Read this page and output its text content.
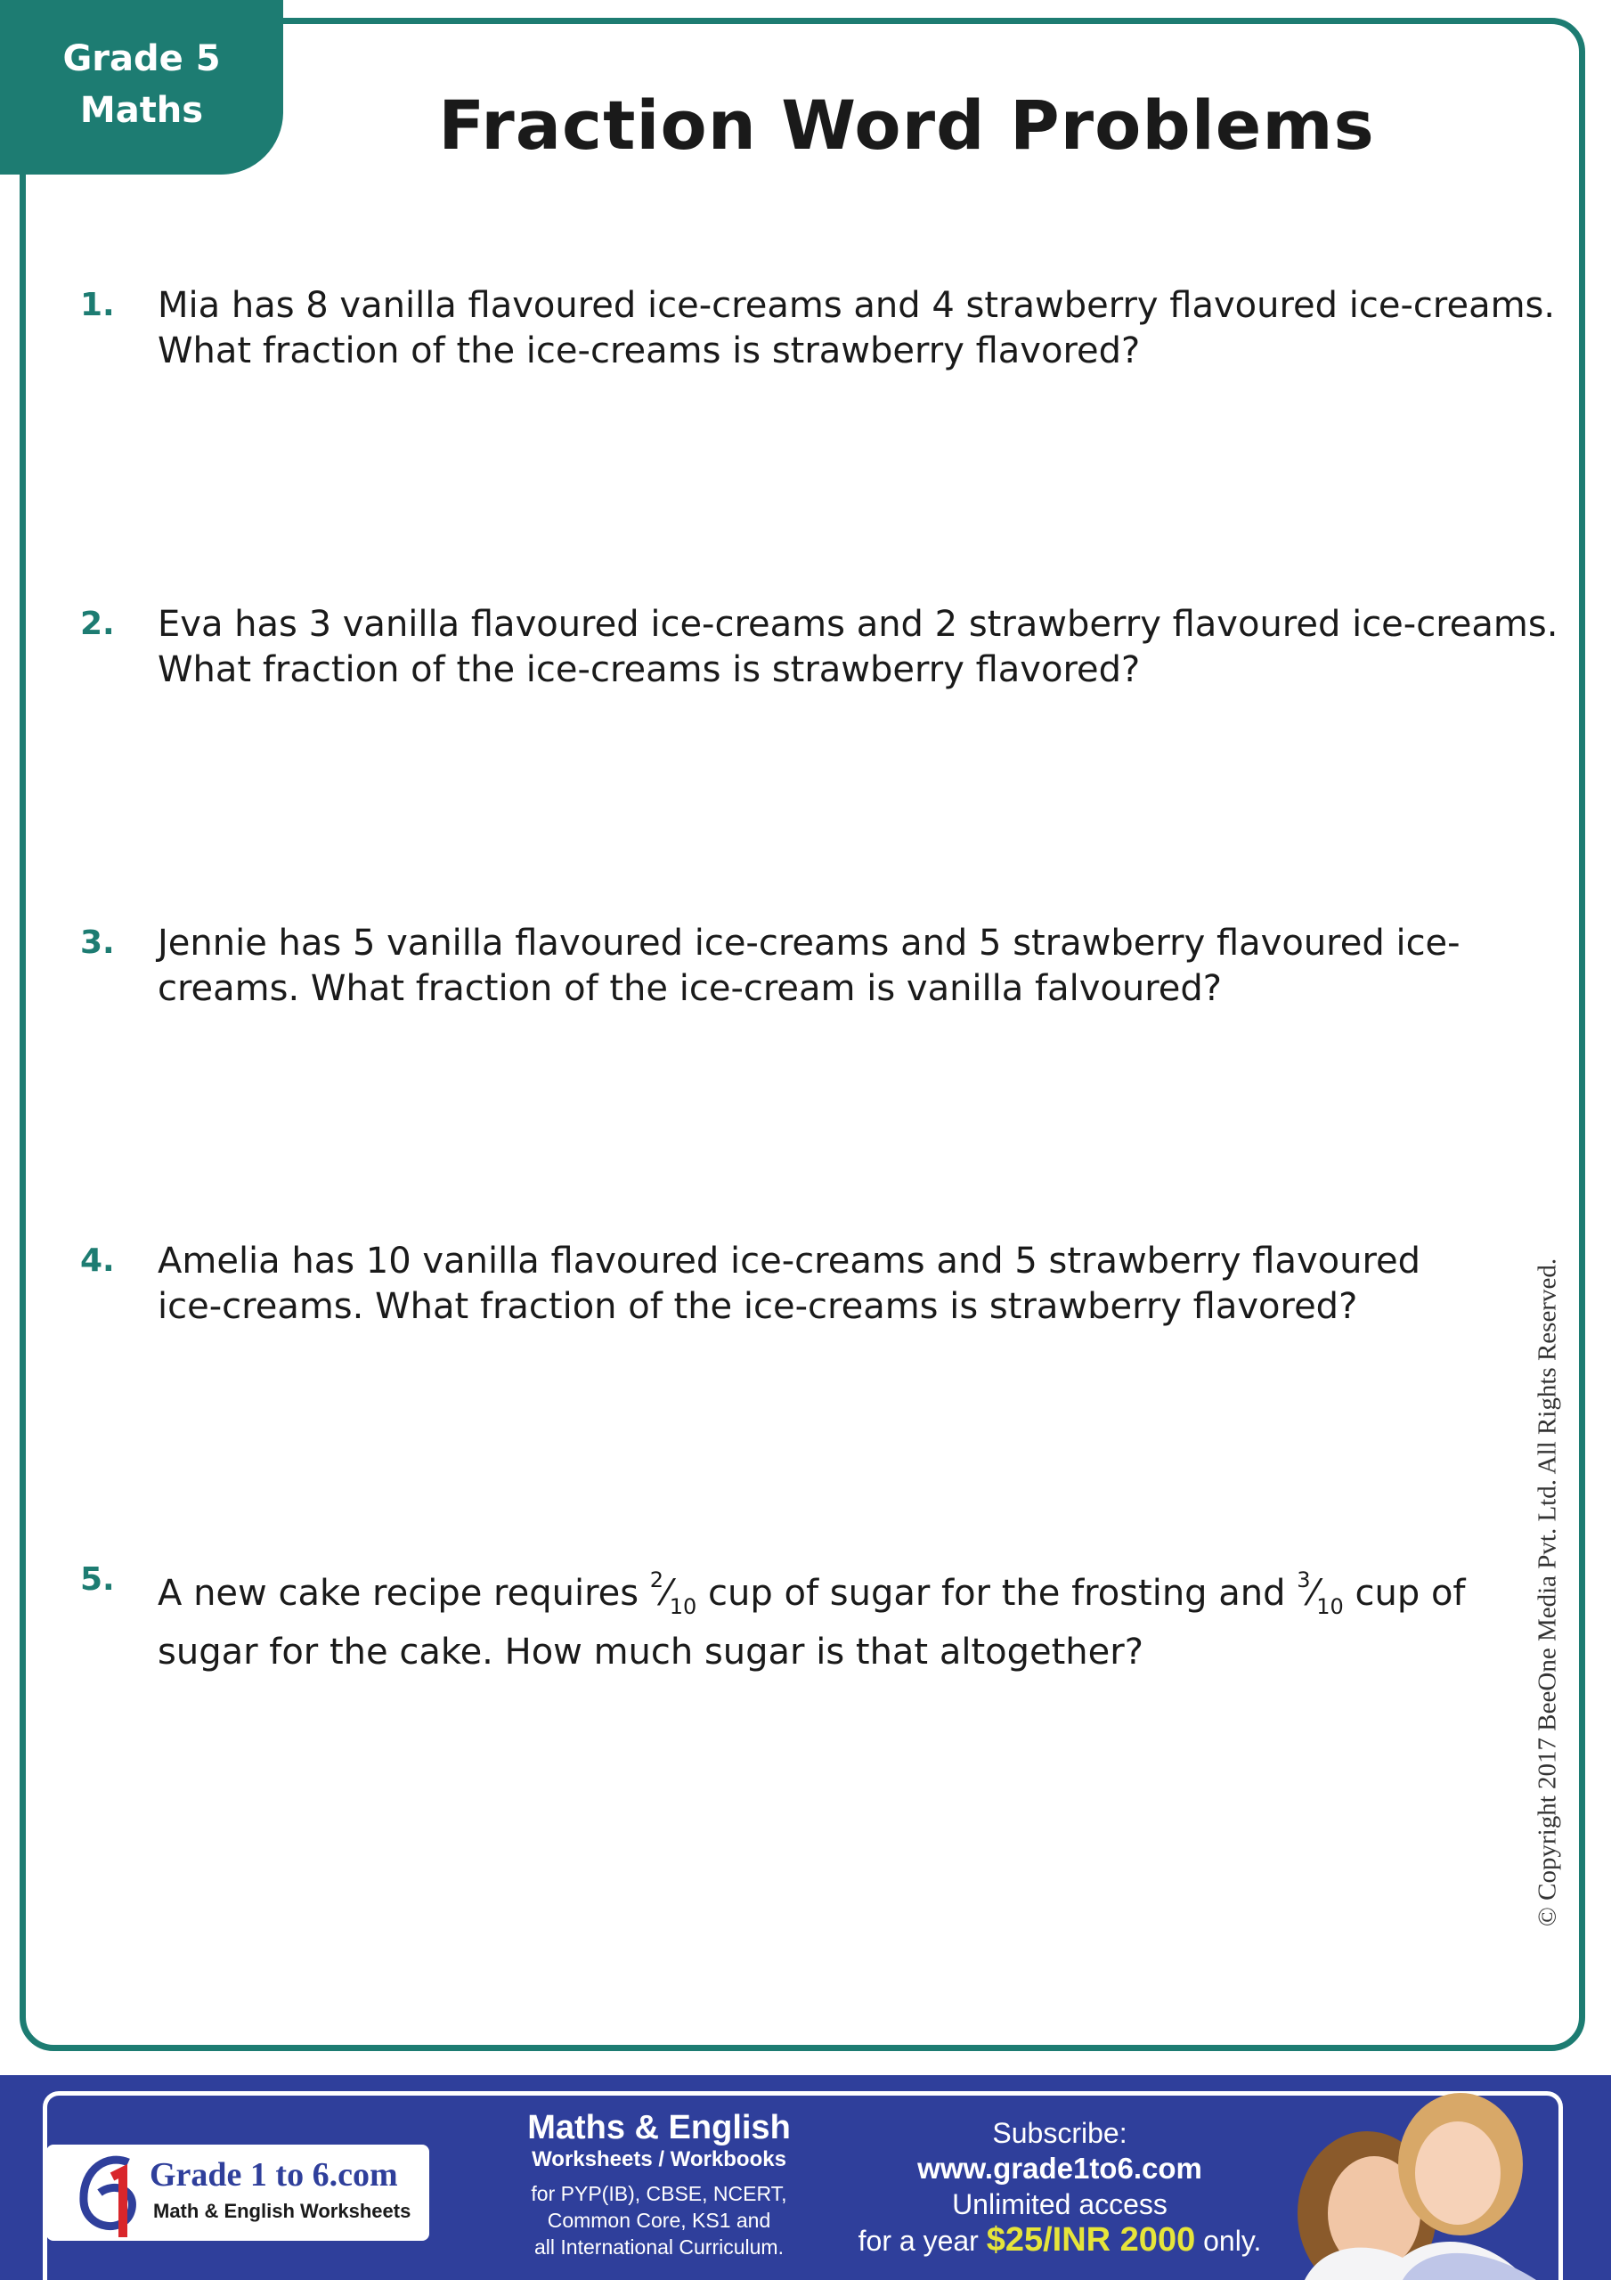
Grade 5
Maths	Fraction Word Problems
1. Mia has 8 vanilla flavoured ice-creams and 4 strawberry flavoured ice-creams.
What fraction of the ice-creams is strawberry flavored?
2. Eva has 3 vanilla flavoured ice-creams and 2 strawberry flavoured ice-creams.
What fraction of the ice-creams is strawberry flavored?
3. Jennie has 5 vanilla flavoured ice-creams and 5 strawberry flavoured ice-
creams. What fraction of the ice-cream is vanilla falvoured?
4. Amelia has 10 vanilla flavoured ice-creams and 5 strawberry flavoured
ice-creams. What fraction of the ice-creams is strawberry flavored?
5. A new cake recipe requires $^2⁄_{10}$ cup of sugar for the frosting and $^3⁄_{10}$ cup of
sugar for the cake. How much sugar is that altogether?	© Copyright 2017 BeeOne Media Pvt. Ltd. All Rights Reserved.
Grade 1 to 6.com
Math & English Worksheets
Maths & English
Worksheets / Workbooks
for PYP(IB), CBSE, NCERT,
Common Core, KS1 and
all International Curriculum.
Subscribe:
www.grade1to6.com
Unlimited access
for a year $25/INR 2000 only.
